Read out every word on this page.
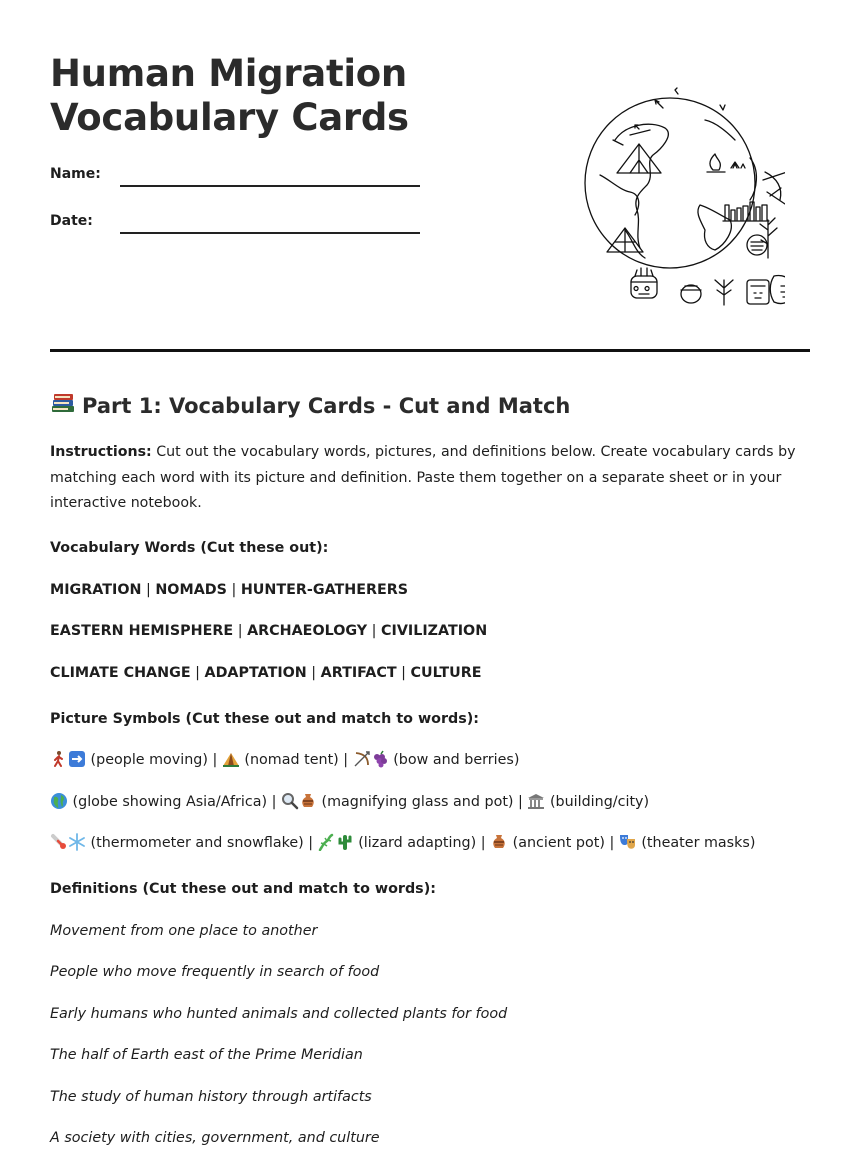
Human Migration
Vocabulary Cards
Name:
Date:
Part 1: Vocabulary Cards - Cut and Match

Instructions: Cut out the vocabulary words, pictures, and definitions below. Create vocabulary cards by matching each word with its picture and definition. Paste them together on a separate sheet or in your interactive notebook.

Vocabulary Words (Cut these out):

MIGRATION | NOMADS | HUNTER-GATHERERS

EASTERN HEMISPHERE | ARCHAEOLOGY | CIVILIZATION

CLIMATE CHANGE | ADAPTATION | ARTIFACT | CULTURE

Picture Symbols (Cut these out and match to words):

(people moving) |  (nomad tent) |	(bow and berries)

(globe showing Asia/Africa) |	(magnifying glass and pot) |  (building/city)

(thermometer and snowflake) |	(lizard adapting) |  (ancient pot) |  (theater masks)

Definitions (Cut these out and match to words):

Movement from one place to another

People who move frequently in search of food

Early humans who hunted animals and collected plants for food

The half of Earth east of the Prime Meridian

The study of human history through artifacts

A society with cities, government, and culture
